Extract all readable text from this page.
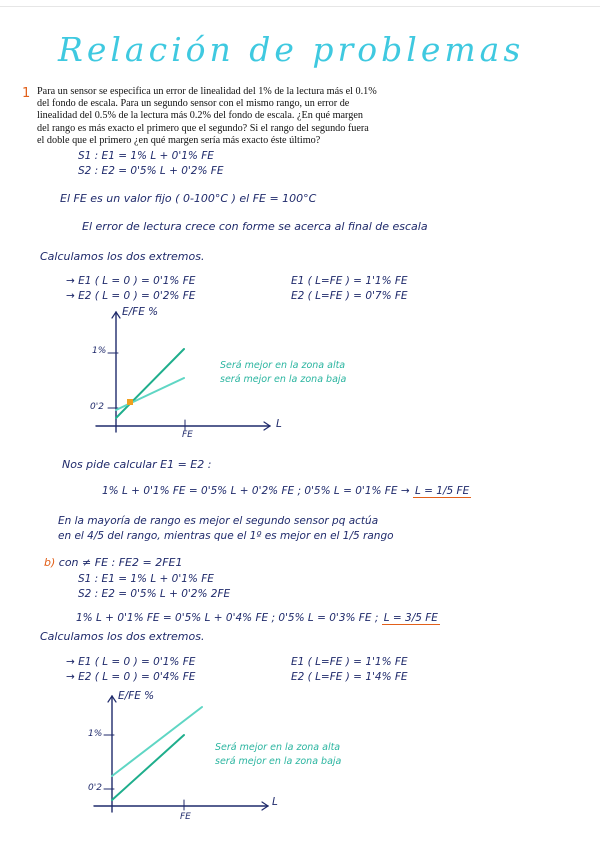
Relación de problemas
1 Para un sensor se especifica un error de linealidad del 1% de la lectura más el 0.1% del fondo de escala. Para un segundo sensor con el mismo rango, un error de linealidad del 0.5% de la lectura más 0.2% del fondo de escala. ¿En qué margen del rango es más exacto el primero que el segundo? Si el rango del segundo fuera el doble que el primero ¿en qué margen sería más exacto éste último?
S1 : E1 = 1% L + 0'1% FE
S2 : E2 = 0'5% L + 0'2% FE
El FE es un valor fijo ( 0-100°C ) el FE = 100°C
El error de lectura crece con forme se acerca al final de escala
Calculamos los dos extremos.
→ E1 ( L = 0 ) = 0'1% FE
→ E2 ( L = 0 ) = 0'2% FE
E1 ( L=FE ) = 1'1% FE
E2 ( L=FE ) = 0'7% FE
E/FE %
1%
0'2
FE
L
Será mejor en la zona alta
será mejor en la zona baja
Nos pide calcular E1 = E2 :
1% L + 0'1% FE = 0'5% L + 0'2% FE ; 0'5% L = 0'1% FE → L = 1/5 FE
En la mayoría de rango es mejor el segundo sensor pq actúa
en el 4/5 del rango, mientras que el 1º es mejor en el 1/5 rango
b) con ≠ FE : FE2 = 2FE1
S1 : E1 = 1% L + 0'1% FE
S2 : E2 = 0'5% L + 0'2% 2FE
1% L + 0'1% FE = 0'5% L + 0'4% FE ; 0'5% L = 0'3% FE ; L = 3/5 FE
Calculamos los dos extremos.
→ E1 ( L = 0 ) = 0'1% FE
→ E2 ( L = 0 ) = 0'4% FE
E1 ( L=FE ) = 1'1% FE
E2 ( L=FE ) = 1'4% FE
E/FE %
1%
0'2
FE
L
Será mejor en la zona alta
será mejor en la zona baja
